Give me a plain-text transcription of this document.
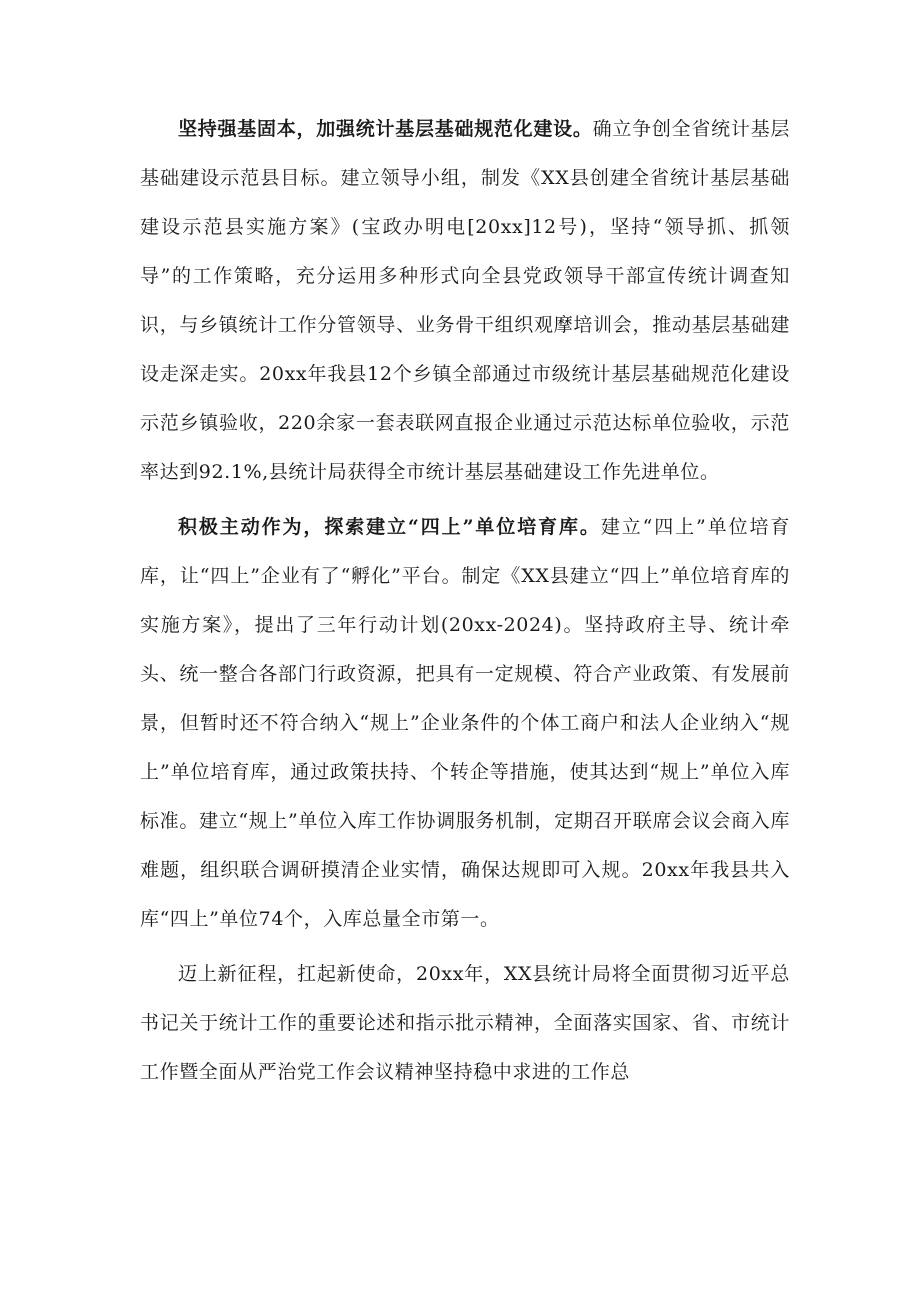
坚持强基固本，加强统计基层基础规范化建设。确立争创全省统计基层基础建设示范县目标。建立领导小组，制发《XX县创建全省统计基层基础建设示范县实施方案》(宝政办明电[20xx]12号)，坚持“领导抓、抓领导”的工作策略，充分运用多种形式向全县党政领导干部宣传统计调查知识，与乡镇统计工作分管领导、业务骨干组织观摩培训会，推动基层基础建设走深走实。20xx年我县12个乡镇全部通过市级统计基层基础规范化建设示范乡镇验收，220余家一套表联网直报企业通过示范达标单位验收，示范率达到92.1%,县统计局获得全市统计基层基础建设工作先进单位。

积极主动作为，探索建立“四上”单位培育库。建立“四上”单位培育库，让“四上”企业有了“孵化”平台。制定《XX县建立“四上”单位培育库的实施方案》，提出了三年行动计划(20xx-2024)。坚持政府主导、统计牵头、统一整合各部门行政资源，把具有一定规模、符合产业政策、有发展前景，但暂时还不符合纳入“规上”企业条件的个体工商户和法人企业纳入“规上”单位培育库，通过政策扶持、个转企等措施，使其达到“规上”单位入库标准。建立“规上”单位入库工作协调服务机制，定期召开联席会议会商入库难题，组织联合调研摸清企业实情，确保达规即可入规。20xx年我县共入库“四上”单位74个，入库总量全市第一。

迈上新征程，扛起新使命，20xx年，XX县统计局将全面贯彻习近平总书记关于统计工作的重要论述和指示批示精神，全面落实国家、省、市统计工作暨全面从严治党工作会议精神坚持稳中求进的工作总
